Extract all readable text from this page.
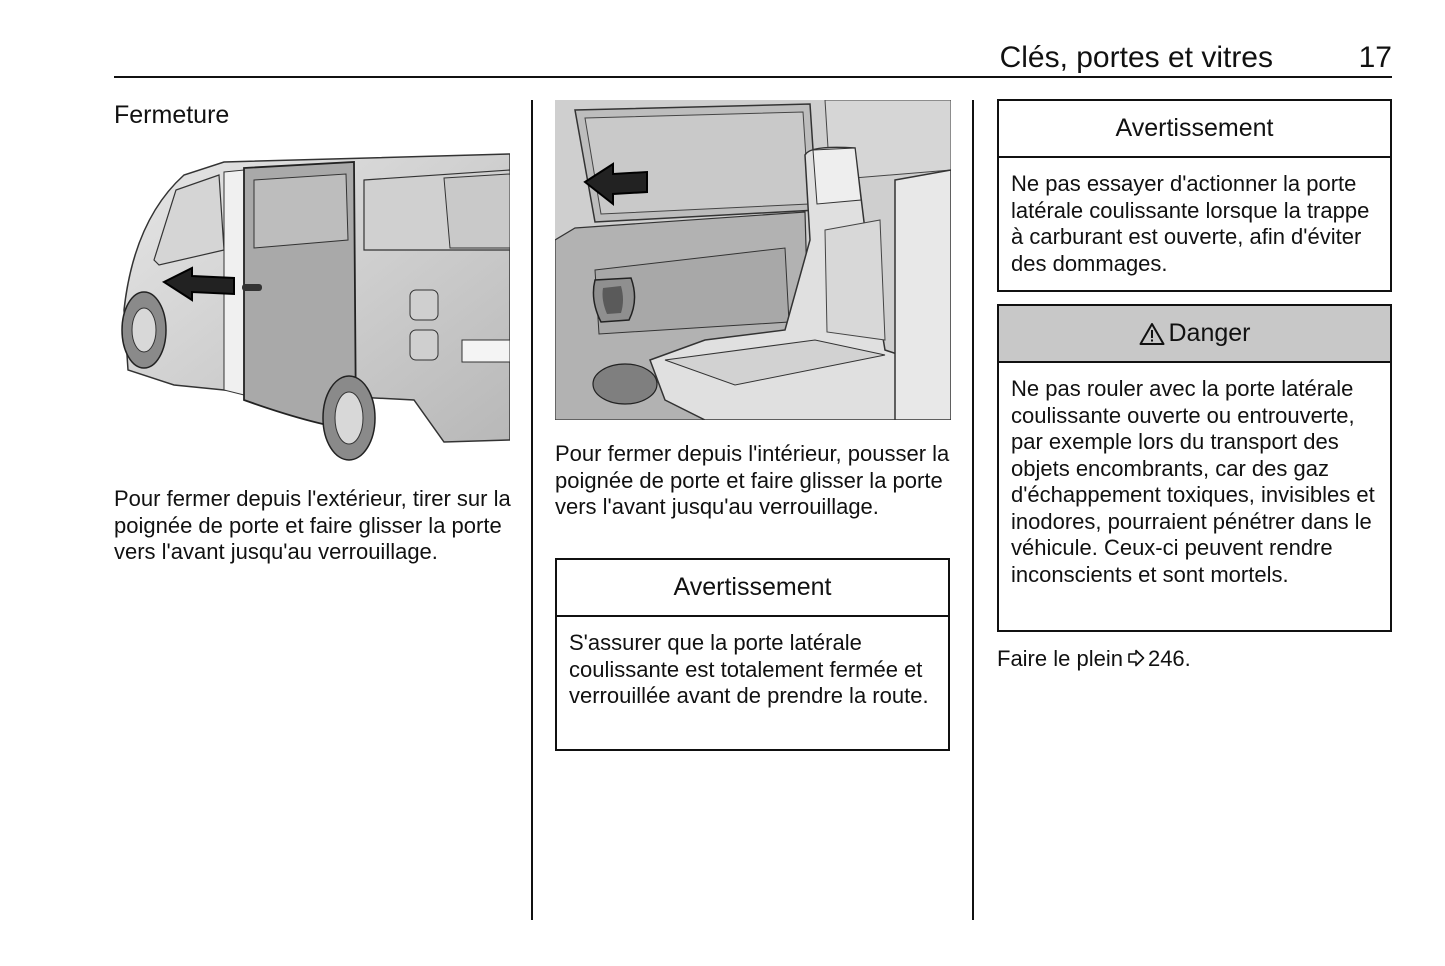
Clés, portes et vitres	17
Fermeture

Pour fermer depuis l'extérieur, tirer sur la poignée de porte et faire glisser la porte vers l'avant jusqu'au verrouillage.

Pour fermer depuis l'intérieur, pousser la poignée de porte et faire glisser la porte vers l'avant jusqu'au verrouillage.

Avertissement
S'assurer que la porte latérale coulissante est totalement fermée et verrouillée avant de prendre la route.
Avertissement
Ne pas essayer d'actionner la porte latérale coulissante lorsque la trappe à carburant est ouverte, afin d'éviter des dommages.
Danger
Ne pas rouler avec la porte latérale coulissante ouverte ou entrouverte, par exemple lors du transport des objets encombrants, car des gaz d'échappement toxiques, invisibles et inodores, pourraient pénétrer dans le véhicule. Ceux-ci peuvent rendre inconscients et sont mortels.
Faire le plein 246.
